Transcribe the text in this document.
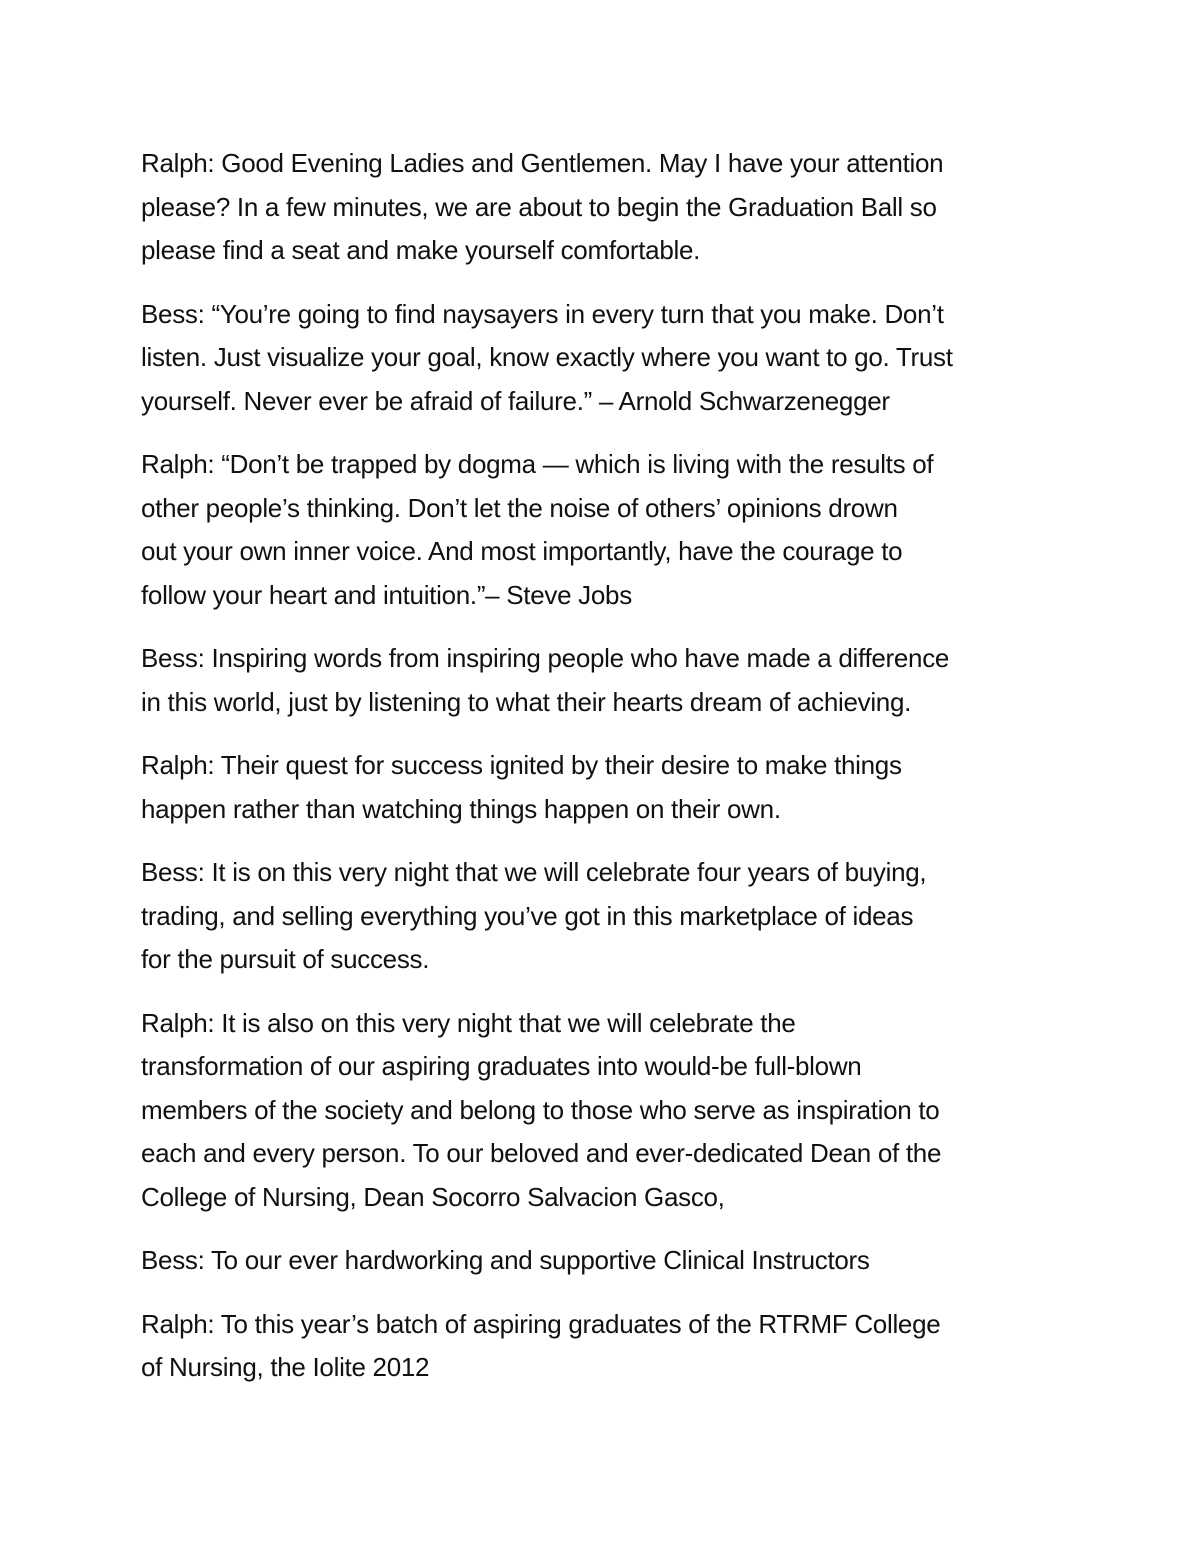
Ralph: Good Evening Ladies and Gentlemen. May I have your attention
please? In a few minutes, we are about to begin the Graduation Ball so
please find a seat and make yourself comfortable.

Bess: “You’re going to find naysayers in every turn that you make. Don’t
listen. Just visualize your goal, know exactly where you want to go. Trust
yourself. Never ever be afraid of failure.” – Arnold Schwarzenegger

Ralph: “Don’t be trapped by dogma — which is living with the results of
other people’s thinking. Don’t let the noise of others’ opinions drown
out your own inner voice. And most importantly, have the courage to
follow your heart and intuition.”– Steve Jobs

Bess: Inspiring words from inspiring people who have made a difference
in this world, just by listening to what their hearts dream of achieving.

Ralph: Their quest for success ignited by their desire to make things
happen rather than watching things happen on their own.

Bess: It is on this very night that we will celebrate four years of buying,
trading, and selling everything you’ve got in this marketplace of ideas
for the pursuit of success.

Ralph: It is also on this very night that we will celebrate the
transformation of our aspiring graduates into would-be full-blown
members of the society and belong to those who serve as inspiration to
each and every person. To our beloved and ever-dedicated Dean of the
College of Nursing, Dean Socorro Salvacion Gasco,

Bess: To our ever hardworking and supportive Clinical Instructors

Ralph: To this year’s batch of aspiring graduates of the RTRMF College
of Nursing, the Iolite 2012
